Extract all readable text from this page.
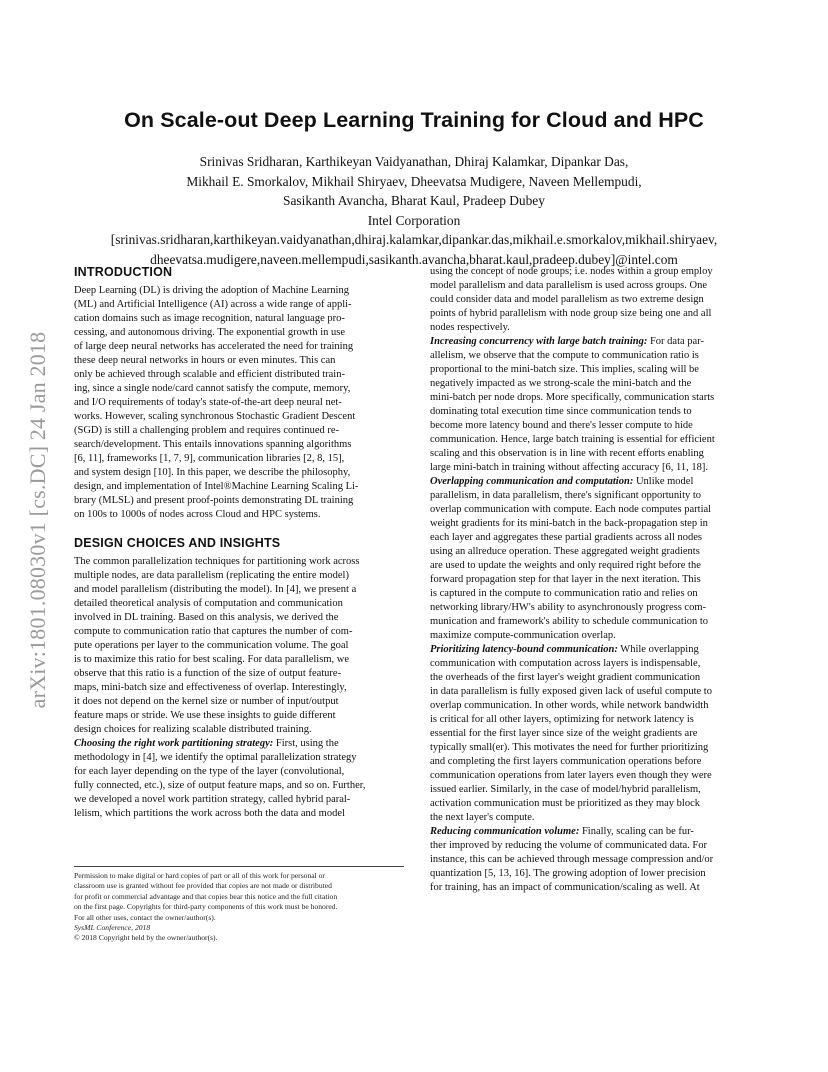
arXiv:1801.08030v1 [cs.DC] 24 Jan 2018
On Scale-out Deep Learning Training for Cloud and HPC
Srinivas Sridharan, Karthikeyan Vaidyanathan, Dhiraj Kalamkar, Dipankar Das,
Mikhail E. Smorkalov, Mikhail Shiryaev, Dheevatsa Mudigere, Naveen Mellempudi,
Sasikanth Avancha, Bharat Kaul, Pradeep Dubey
Intel Corporation
[srinivas.sridharan,karthikeyan.vaidyanathan,dhiraj.kalamkar,dipankar.das,mikhail.e.smorkalov,mikhail.shiryaev,
dheevatsa.mudigere,naveen.mellempudi,sasikanth.avancha,bharat.kaul,pradeep.dubey]@intel.com
INTRODUCTION
Deep Learning (DL) is driving the adoption of Machine Learning
(ML) and Artificial Intelligence (AI) across a wide range of appli-
cation domains such as image recognition, natural language pro-
cessing, and autonomous driving. The exponential growth in use
of large deep neural networks has accelerated the need for training
these deep neural networks in hours or even minutes. This can
only be achieved through scalable and efficient distributed train-
ing, since a single node/card cannot satisfy the compute, memory,
and I/O requirements of today's state-of-the-art deep neural net-
works. However, scaling synchronous Stochastic Gradient Descent
(SGD) is still a challenging problem and requires continued re-
search/development. This entails innovations spanning algorithms
[6, 11], frameworks [1, 7, 9], communication libraries [2, 8, 15],
and system design [10]. In this paper, we describe the philosophy,
design, and implementation of Intel®Machine Learning Scaling Li-
brary (MLSL) and present proof-points demonstrating DL training
on 100s to 1000s of nodes across Cloud and HPC systems.
DESIGN CHOICES AND INSIGHTS
The common parallelization techniques for partitioning work across
multiple nodes, are data parallelism (replicating the entire model)
and model parallelism (distributing the model). In [4], we present a
detailed theoretical analysis of computation and communication
involved in DL training. Based on this analysis, we derived the
compute to communication ratio that captures the number of com-
pute operations per layer to the communication volume. The goal
is to maximize this ratio for best scaling. For data parallelism, we
observe that this ratio is a function of the size of output feature-
maps, mini-batch size and effectiveness of overlap. Interestingly,
it does not depend on the kernel size or number of input/output
feature maps or stride. We use these insights to guide different
design choices for realizing scalable distributed training.
Choosing the right work partitioning strategy: First, using the
methodology in [4], we identify the optimal parallelization strategy
for each layer depending on the type of the layer (convolutional,
fully connected, etc.), size of output feature maps, and so on. Further,
we developed a novel work partition strategy, called hybrid paral-
lelism, which partitions the work across both the data and model
using the concept of node groups; i.e. nodes within a group employ
model parallelism and data parallelism is used across groups. One
could consider data and model parallelism as two extreme design
points of hybrid parallelism with node group size being one and all
nodes respectively.
Increasing concurrency with large batch training: For data par-
allelism, we observe that the compute to communication ratio is
proportional to the mini-batch size. This implies, scaling will be
negatively impacted as we strong-scale the mini-batch and the
mini-batch per node drops. More specifically, communication starts
dominating total execution time since communication tends to
become more latency bound and there's lesser compute to hide
communication. Hence, large batch training is essential for efficient
scaling and this observation is in line with recent efforts enabling
large mini-batch in training without affecting accuracy [6, 11, 18].
Overlapping communication and computation: Unlike model
parallelism, in data parallelism, there's significant opportunity to
overlap communication with compute. Each node computes partial
weight gradients for its mini-batch in the back-propagation step in
each layer and aggregates these partial gradients across all nodes
using an allreduce operation. These aggregated weight gradients
are used to update the weights and only required right before the
forward propagation step for that layer in the next iteration. This
is captured in the compute to communication ratio and relies on
networking library/HW's ability to asynchronously progress com-
munication and framework's ability to schedule communication to
maximize compute-communication overlap.
Prioritizing latency-bound communication: While overlapping
communication with computation across layers is indispensable,
the overheads of the first layer's weight gradient communication
in data parallelism is fully exposed given lack of useful compute to
overlap communication. In other words, while network bandwidth
is critical for all other layers, optimizing for network latency is
essential for the first layer since size of the weight gradients are
typically small(er). This motivates the need for further prioritizing
and completing the first layers communication operations before
communication operations from later layers even though they were
issued earlier. Similarly, in the case of model/hybrid parallelism,
activation communication must be prioritized as they may block
the next layer's compute.
Reducing communication volume: Finally, scaling can be fur-
ther improved by reducing the volume of communicated data. For
instance, this can be achieved through message compression and/or
quantization [5, 13, 16]. The growing adoption of lower precision
for training, has an impact of communication/scaling as well. At
Permission to make digital or hard copies of part or all of this work for personal or
classroom use is granted without fee provided that copies are not made or distributed
for profit or commercial advantage and that copies bear this notice and the full citation
on the first page. Copyrights for third-party components of this work must be honored.
For all other uses, contact the owner/author(s).
SysML Conference, 2018
© 2018 Copyright held by the owner/author(s).
